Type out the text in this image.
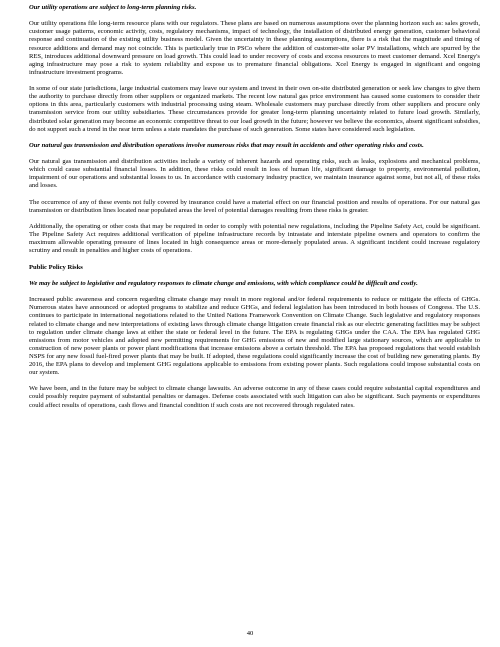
Our utility operations are subject to long-term planning risks.
Our utility operations file long-term resource plans with our regulators. These plans are based on numerous assumptions over the planning horizon such as: sales growth, customer usage patterns, economic activity, costs, regulatory mechanisms, impact of technology, the installation of distributed energy generation, customer behavioral response and continuation of the existing utility business model. Given the uncertainty in these planning assumptions, there is a risk that the magnitude and timing of resource additions and demand may not coincide. This is particularly true in PSCo where the addition of customer-site solar PV installations, which are spurred by the RES, introduces additional downward pressure on load growth. This could lead to under recovery of costs and excess resources to meet customer demand. Xcel Energy's aging infrastructure may pose a risk to system reliability and expose us to premature financial obligations. Xcel Energy is engaged in significant and ongoing infrastructure investment programs.
In some of our state jurisdictions, large industrial customers may leave our system and invest in their own on-site distributed generation or seek law changes to give them the authority to purchase directly from other suppliers or organized markets. The recent low natural gas price environment has caused some customers to consider their options in this area, particularly customers with industrial processing using steam. Wholesale customers may purchase directly from other suppliers and procure only transmission service from our utility subsidiaries. These circumstances provide for greater long-term planning uncertainty related to future load growth. Similarly, distributed solar generation may become an economic competitive threat to our load growth in the future; however we believe the economics, absent significant subsidies, do not support such a trend in the near term unless a state mandates the purchase of such generation. Some states have considered such legislation.
Our natural gas transmission and distribution operations involve numerous risks that may result in accidents and other operating risks and costs.
Our natural gas transmission and distribution activities include a variety of inherent hazards and operating risks, such as leaks, explosions and mechanical problems, which could cause substantial financial losses. In addition, these risks could result in loss of human life, significant damage to property, environmental pollution, impairment of our operations and substantial losses to us. In accordance with customary industry practice, we maintain insurance against some, but not all, of these risks and losses.
The occurrence of any of these events not fully covered by insurance could have a material effect on our financial position and results of operations. For our natural gas transmission or distribution lines located near populated areas the level of potential damages resulting from these risks is greater.
Additionally, the operating or other costs that may be required in order to comply with potential new regulations, including the Pipeline Safety Act, could be significant. The Pipeline Safety Act requires additional verification of pipeline infrastructure records by intrastate and interstate pipeline owners and operators to confirm the maximum allowable operating pressure of lines located in high consequence areas or more-densely populated areas. A significant incident could increase regulatory scrutiny and result in penalties and higher costs of operations.
Public Policy Risks
We may be subject to legislative and regulatory responses to climate change and emissions, with which compliance could be difficult and costly.
Increased public awareness and concern regarding climate change may result in more regional and/or federal requirements to reduce or mitigate the effects of GHGs. Numerous states have announced or adopted programs to stabilize and reduce GHGs, and federal legislation has been introduced in both houses of Congress. The U.S. continues to participate in international negotiations related to the United Nations Framework Convention on Climate Change. Such legislative and regulatory responses related to climate change and new interpretations of existing laws through climate change litigation create financial risk as our electric generating facilities may be subject to regulation under climate change laws at either the state or federal level in the future. The EPA is regulating GHGs under the CAA. The EPA has regulated GHG emissions from motor vehicles and adopted new permitting requirements for GHG emissions of new and modified large stationary sources, which are applicable to construction of new power plants or power plant modifications that increase emissions above a certain threshold. The EPA has proposed regulations that would establish NSPS for any new fossil fuel-fired power plants that may be built. If adopted, these regulations could significantly increase the cost of building new generating plants. By 2016, the EPA plans to develop and implement GHG regulations applicable to emissions from existing power plants. Such regulations could impose substantial costs on our system.
We have been, and in the future may be subject to climate change lawsuits. An adverse outcome in any of these cases could require substantial capital expenditures and could possibly require payment of substantial penalties or damages. Defense costs associated with such litigation can also be significant. Such payments or expenditures could affect results of operations, cash flows and financial condition if such costs are not recovered through regulated rates.
40
